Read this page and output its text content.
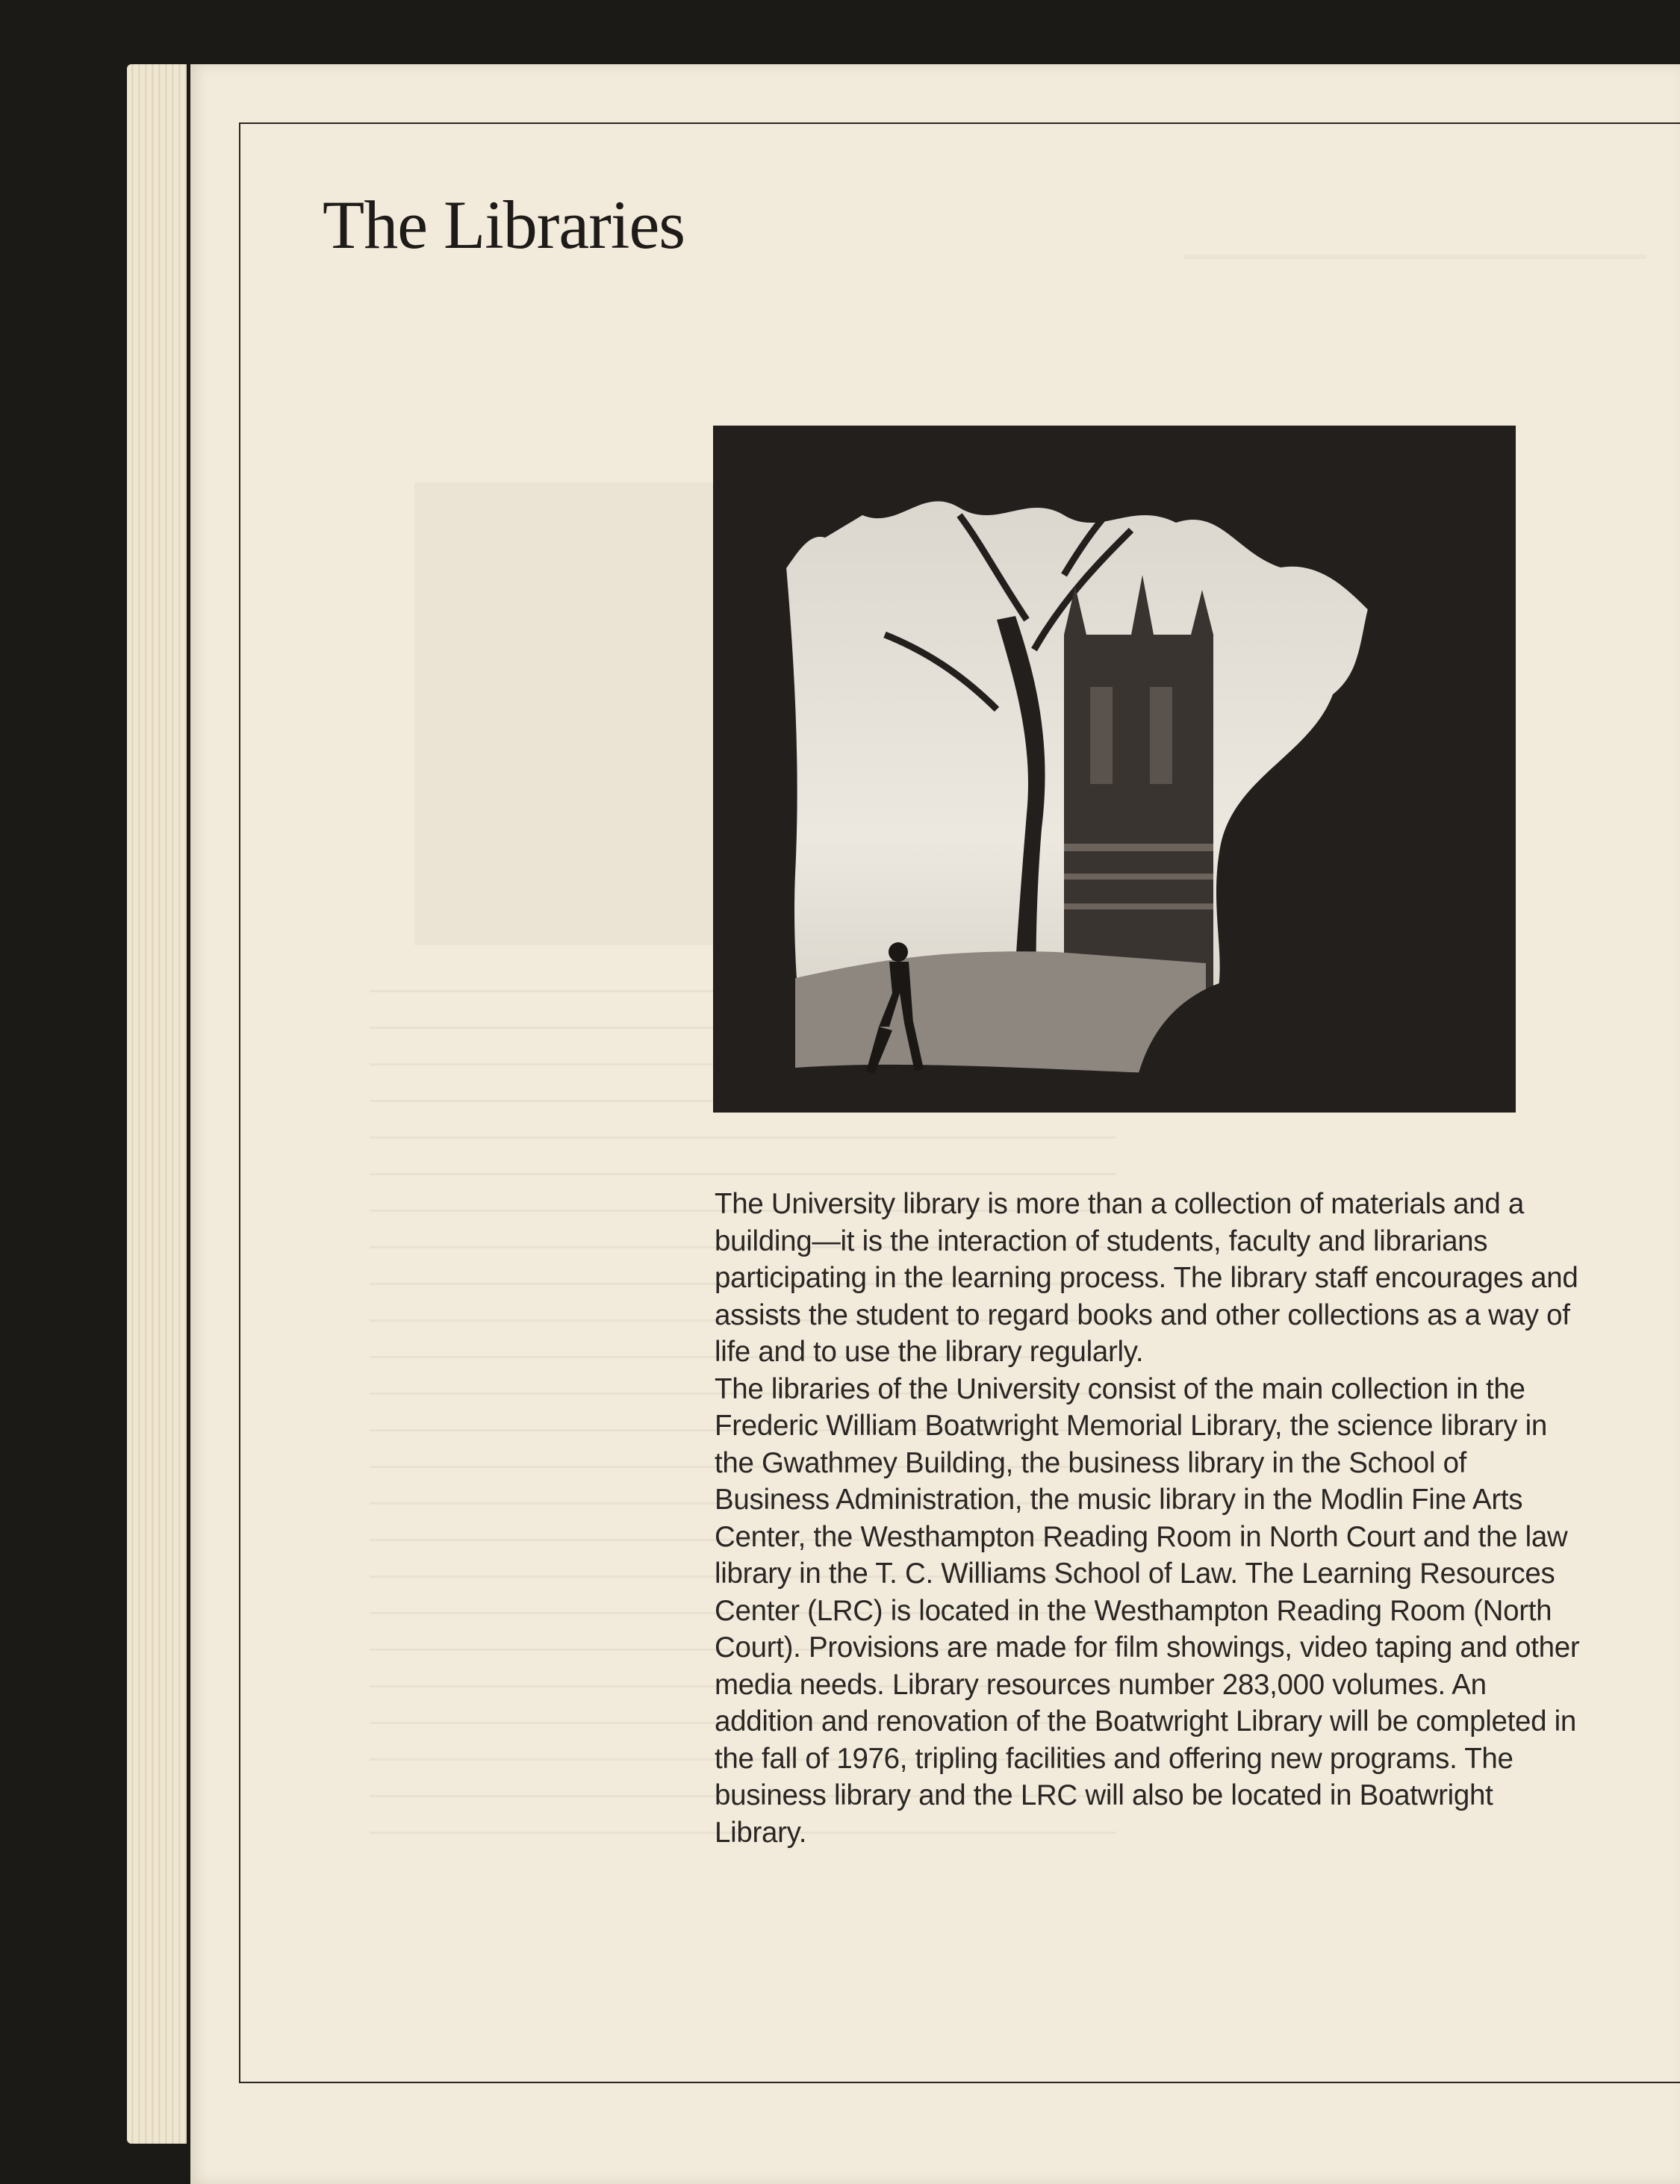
The Libraries

The University library is more than a collection of materials and a building—it is the interaction of students, faculty and librarians participating in the learning process. The library staff encourages and assists the student to regard books and other collections as a way of life and to use the library regularly.

The libraries of the University consist of the main collection in the Frederic William Boatwright Memorial Library, the science library in the Gwathmey Building, the business library in the School of Business Administration, the music library in the Modlin Fine Arts Center, the Westhampton Reading Room in North Court and the law library in the T. C. Williams School of Law. The Learning Resources Center (LRC) is located in the Westhampton Reading Room (North Court). Provisions are made for film showings, video taping and other media needs. Library resources number 283,000 volumes. An addition and renovation of the Boatwright Library will be completed in the fall of 1976, tripling facilities and offering new programs. The business library and the LRC will also be located in Boatwright Library.
